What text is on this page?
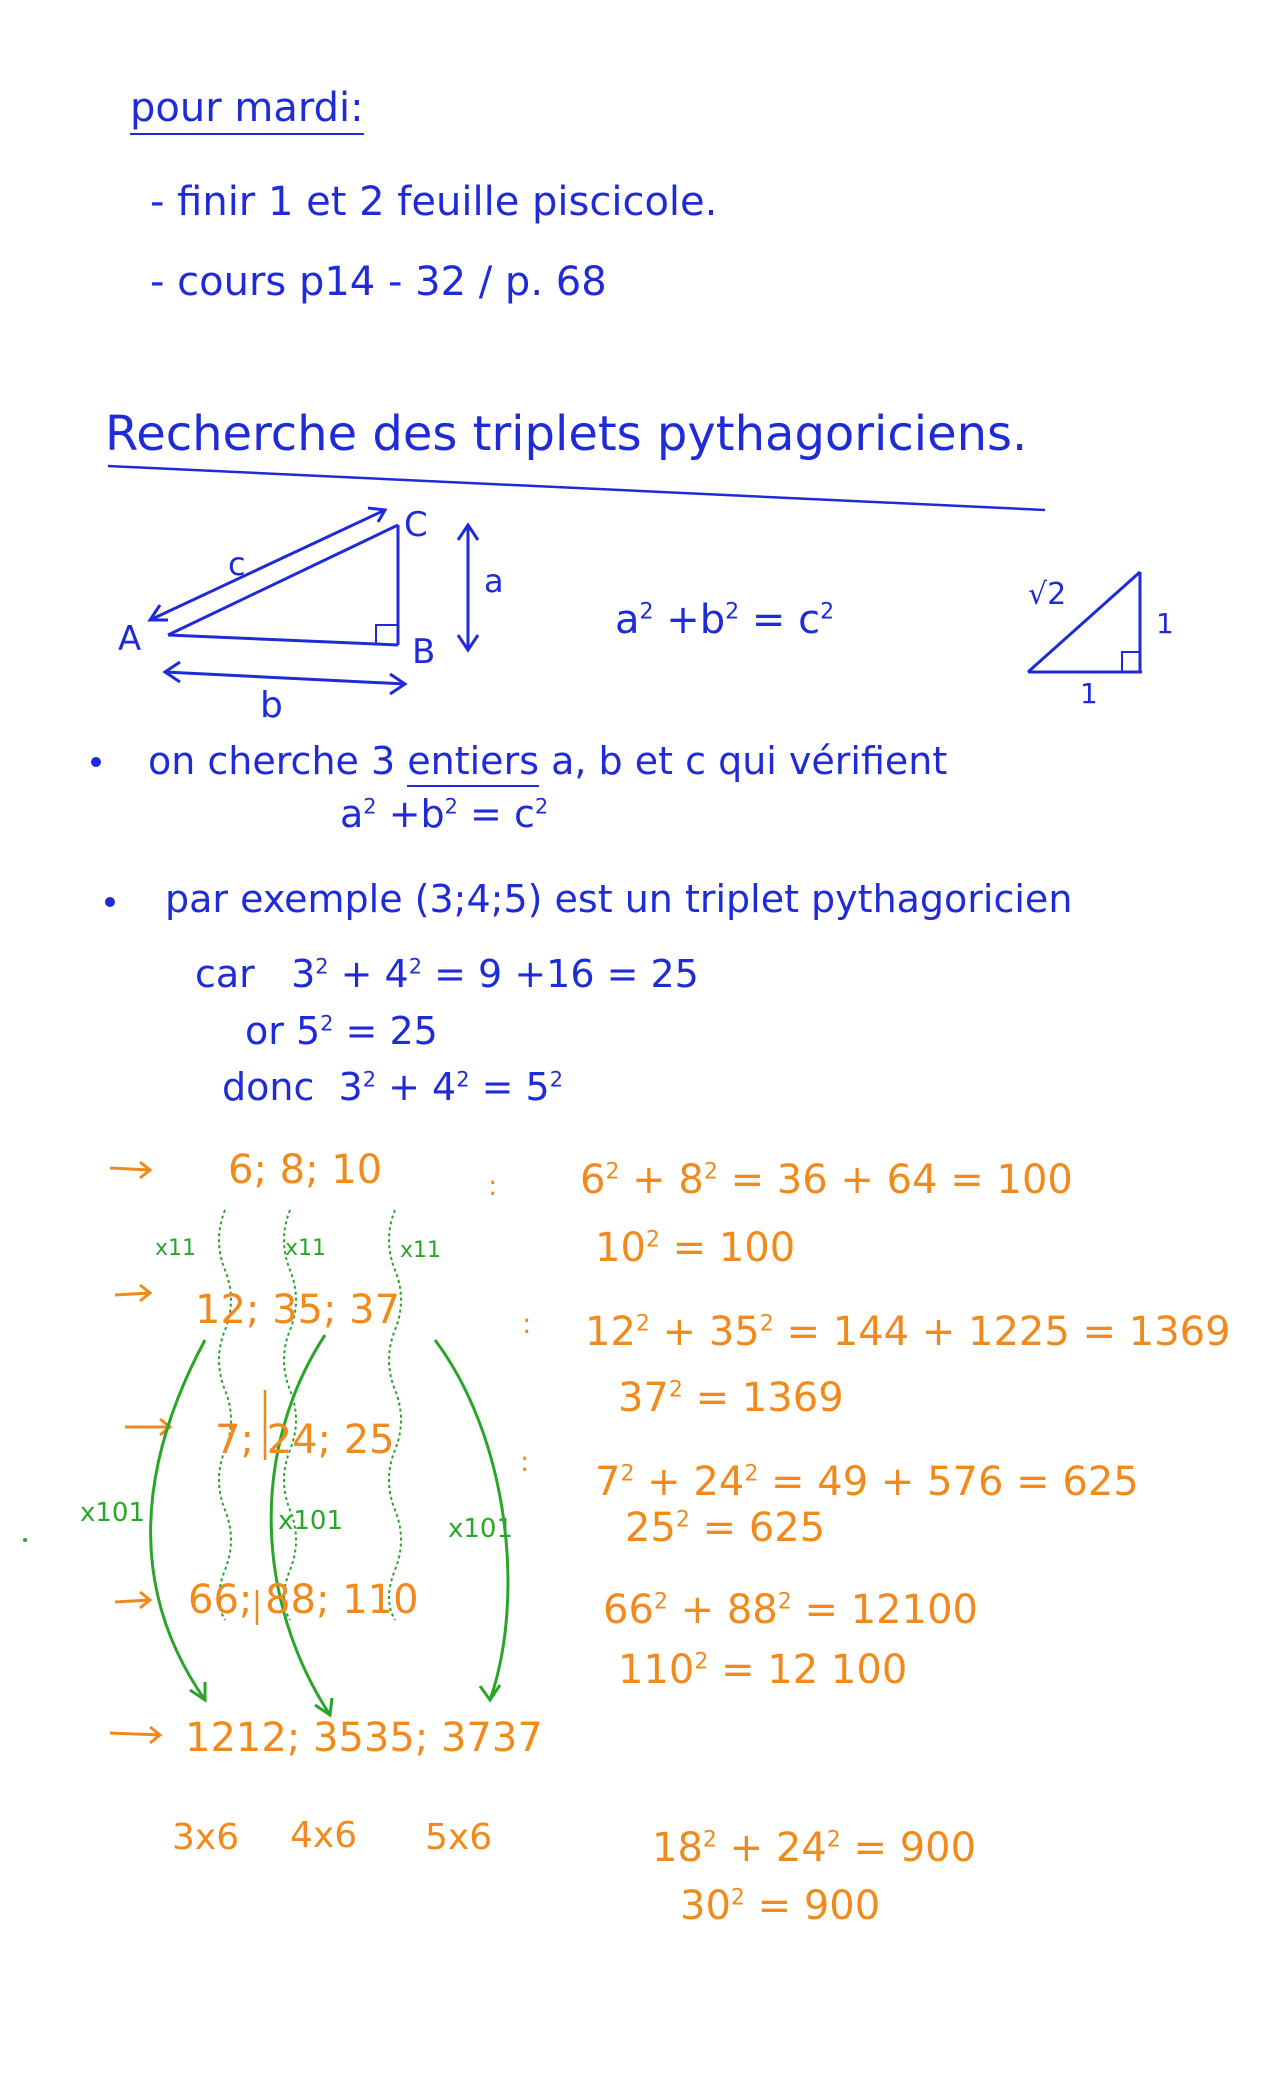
pour mardi:
- finir 1 et 2 feuille piscicole.
- cours p14 - 32 / p. 68
Recherche des triplets pythagoriciens.
c
A	B
C
a
b
$a^2 +b^2 = c^2$
√2
1
1
on cherche 3 entiers a, b et c qui vérifient
$a^2 +b^2 = c^2$
par exemple (3;4;5) est un triplet pythagoricien
car $3^2 + 4^2 = 9 +16 = 25$
or $5^2 = 25$
donc $3^2 + 4^2 = 5^2$
6; 8; 10	: $6^2 + 8^2 = 36 + 64 = 100$
$10^2 = 100$
x11	x11	x11
12; 35; 37	: $12^2 + 35^2 = 144 + 1225 = 1369$
$37^2 = 1369$
7; 24; 25	: $7^2 + 24^2 = 49 + 576 = 625$
$25^2 = 625$
x101	x101	x101
66; 88; 110	$66^2 + 88^2 = 12100$
$110^2 = 12$ 100
1212; 3535; 3737
3x6 4x6 5x6	$18^2 + 24^2 = 900$
$30^2 = 900$
